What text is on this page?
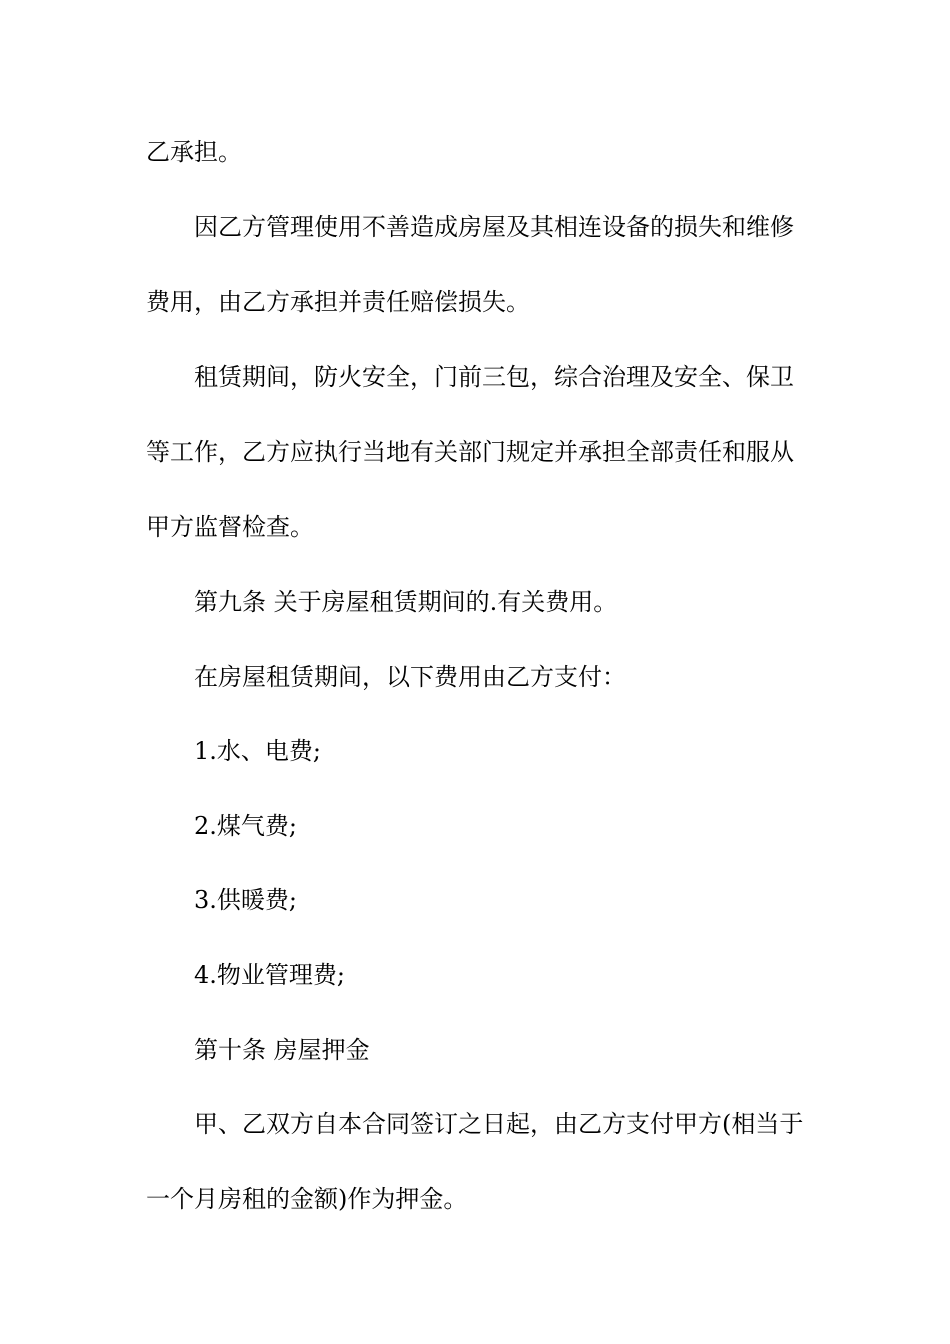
乙承担。

因乙方管理使用不善造成房屋及其相连设备的损失和维修

费用，由乙方承担并责任赔偿损失。

租赁期间，防火安全，门前三包，综合治理及安全、保卫

等工作，乙方应执行当地有关部门规定并承担全部责任和服从

甲方监督检查。

第九条 关于房屋租赁期间的.有关费用。

在房屋租赁期间，以下费用由乙方支付：

1.水、电费;

2.煤气费;

3.供暖费;

4.物业管理费;

第十条 房屋押金

甲、乙双方自本合同签订之日起，由乙方支付甲方(相当于

一个月房租的金额)作为押金。
